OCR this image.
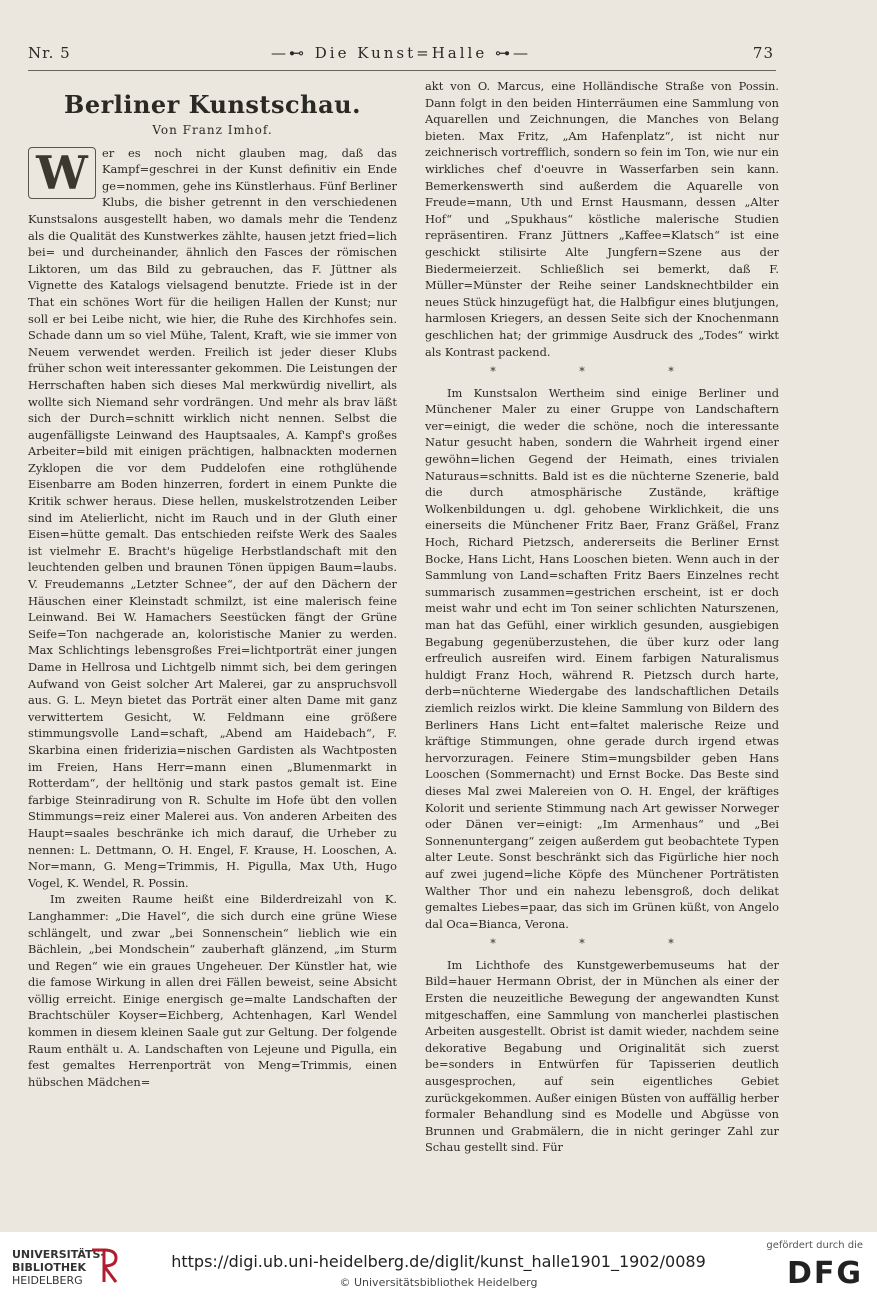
Nr. 5	—⊷ Die Kunst=Halle ⊶—	73
Berliner Kunstschau.
Von Franz Imhof.
W	er es noch nicht glauben mag, daß das Kampf=geschrei in der Kunst definitiv ein Ende ge=nommen, gehe ins Künstlerhaus. Fünf Berliner Klubs, die bisher getrennt in den verschiedenen Kunstsalons ausgestellt haben, wo damals mehr die Tendenz als die Qualität des Kunstwerkes zählte, hausen jetzt fried=lich bei= und durcheinander, ähnlich den Fasces der römischen Liktoren, um das Bild zu gebrauchen, das F. Jüttner als Vignette des Katalogs vielsagend benutzte. Friede ist in der That ein schönes Wort für die heiligen Hallen der Kunst; nur soll er bei Leibe nicht, wie hier, die Ruhe des Kirchhofes sein. Schade dann um so viel Mühe, Talent, Kraft, wie sie immer von Neuem verwendet werden. Freilich ist jeder dieser Klubs früher schon weit interessanter gekommen. Die Leistungen der Herrschaften haben sich dieses Mal merkwürdig nivellirt, als wollte sich Niemand sehr vordrängen. Und mehr als brav läßt sich der Durch=schnitt wirklich nicht nennen. Selbst die augenfälligste Leinwand des Hauptsaales, A. Kampf's großes Arbeiter=bild mit einigen prächtigen, halbnackten modernen Zyklopen die vor dem Puddelofen eine rothglühende Eisenbarre am Boden hinzerren, fordert in einem Punkte die Kritik schwer heraus. Diese hellen, muskelstrotzenden Leiber sind im Atelierlicht, nicht im Rauch und in der Gluth einer Eisen=hütte gemalt. Das entschieden reifste Werk des Saales ist vielmehr E. Bracht's hügelige Herbstlandschaft mit den leuchtenden gelben und braunen Tönen üppigen Baum=laubs. V. Freudemanns „Letzter Schnee“, der auf den Dächern der Häuschen einer Kleinstadt schmilzt, ist eine malerisch feine Leinwand. Bei W. Hamachers Seestücken fängt der Grüne Seife=Ton nachgerade an, koloristische Manier zu werden. Max Schlichtings lebensgroßes Frei=lichtporträt einer jungen Dame in Hellrosa und Lichtgelb nimmt sich, bei dem geringen Aufwand von Geist solcher Art Malerei, gar zu anspruchsvoll aus. G. L. Meyn bietet das Porträt einer alten Dame mit ganz verwittertem Gesicht, W. Feldmann eine größere stimmungsvolle Land=schaft, „Abend am Haidebach“, F. Skarbina einen friderizia=nischen Gardisten als Wachtposten im Freien, Hans Herr=mann einen „Blumenmarkt in Rotterdam“, der helltönig und stark pastos gemalt ist. Eine farbige Steinradirung von R. Schulte im Hofe übt den vollen Stimmungs=reiz einer Malerei aus. Von anderen Arbeiten des Haupt=saales beschränke ich mich darauf, die Urheber zu nennen: L. Dettmann, O. H. Engel, F. Krause, H. Looschen, A. Nor=mann, G. Meng=Trimmis, H. Pigulla, Max Uth, Hugo Vogel, K. Wendel, R. Possin.

Im zweiten Raume heißt eine Bilderdreizahl von K. Langhammer: „Die Havel“, die sich durch eine grüne Wiese schlängelt, und zwar „bei Sonnenschein“ lieblich wie ein Bächlein, „bei Mondschein“ zauberhaft glänzend, „im Sturm und Regen“ wie ein graues Ungeheuer. Der Künstler hat, wie die famose Wirkung in allen drei Fällen beweist, seine Absicht völlig erreicht. Einige energisch ge=malte Landschaften der Brachtschüler Koyser=Eichberg, Achtenhagen, Karl Wendel kommen in diesem kleinen Saale gut zur Geltung. Der folgende Raum enthält u. A. Landschaften von Lejeune und Pigulla, ein fest gemaltes Herrenporträt von Meng=Trimmis, einen hübschen Mädchen=

akt von O. Marcus, eine Holländische Straße von Possin. Dann folgt in den beiden Hinterräumen eine Sammlung von Aquarellen und Zeichnungen, die Manches von Belang bieten. Max Fritz, „Am Hafenplatz“, ist nicht nur zeichnerisch vortrefflich, sondern so fein im Ton, wie nur ein wirkliches chef d'oeuvre in Wasserfarben sein kann. Bemerkenswerth sind außerdem die Aquarelle von Freude=mann, Uth und Ernst Hausmann, dessen „Alter Hof“ und „Spukhaus“ köstliche malerische Studien repräsentiren. Franz Jüttners „Kaffee=Klatsch“ ist eine geschickt stilisirte Alte Jungfern=Szene aus der Biedermeierzeit. Schließlich sei bemerkt, daß F. Müller=Münster der Reihe seiner Landsknechtbilder ein neues Stück hinzugefügt hat, die Halbfigur eines blutjungen, harmlosen Kriegers, an dessen Seite sich der Knochenmann geschlichen hat; der grimmige Ausdruck des „Todes“ wirkt als Kontrast packend.

* * *

Im Kunstsalon Wertheim sind einige Berliner und Münchener Maler zu einer Gruppe von Landschaftern ver=einigt, die weder die schöne, noch die interessante Natur gesucht haben, sondern die Wahrheit irgend einer gewöhn=lichen Gegend der Heimath, eines trivialen Naturaus=schnitts. Bald ist es die nüchterne Szenerie, bald die durch atmosphärische Zustände, kräftige Wolkenbildungen u. dgl. gehobene Wirklichkeit, die uns einerseits die Münchener Fritz Baer, Franz Gräßel, Franz Hoch, Richard Pietzsch, andererseits die Berliner Ernst Bocke, Hans Licht, Hans Looschen bieten. Wenn auch in der Sammlung von Land=schaften Fritz Baers Einzelnes recht summarisch zusammen=gestrichen erscheint, ist er doch meist wahr und echt im Ton seiner schlichten Naturszenen, man hat das Gefühl, einer wirklich gesunden, ausgiebigen Begabung gegenüberzustehen, die über kurz oder lang erfreulich ausreifen wird. Einem farbigen Naturalismus huldigt Franz Hoch, während R. Pietzsch durch harte, derb=nüchterne Wiedergabe des landschaftlichen Details ziemlich reizlos wirkt. Die kleine Sammlung von Bildern des Berliners Hans Licht ent=faltet malerische Reize und kräftige Stimmungen, ohne gerade durch irgend etwas hervorzuragen. Feinere Stim=mungsbilder geben Hans Looschen (Sommernacht) und Ernst Bocke. Das Beste sind dieses Mal zwei Malereien von O. H. Engel, der kräftiges Kolorit und seriente Stimmung nach Art gewisser Norweger oder Dänen ver=einigt: „Im Armenhaus“ und „Bei Sonnenuntergang“ zeigen außerdem gut beobachtete Typen alter Leute. Sonst beschränkt sich das Figürliche hier noch auf zwei jugend=liche Köpfe des Münchener Porträtisten Walther Thor und ein nahezu lebensgroß, doch delikat gemaltes Liebes=paar, das sich im Grünen küßt, von Angelo dal Oca=Bianca, Verona.

* * *

Im Lichthofe des Kunstgewerbemuseums hat der Bild=hauer Hermann Obrist, der in München als einer der Ersten die neuzeitliche Bewegung der angewandten Kunst mitgeschaffen, eine Sammlung von mancherlei plastischen Arbeiten ausgestellt. Obrist ist damit wieder, nachdem seine dekorative Begabung und Originalität sich zuerst be=sonders in Entwürfen für Tapisserien deutlich ausgesprochen, auf sein eigentliches Gebiet zurückgekommen. Außer einigen Büsten von auffällig herber formaler Behandlung sind es Modelle und Abgüsse von Brunnen und Grabmälern, die in nicht geringer Zahl zur Schau gestellt sind. Für

UNIVERSITÄTS-
BIBLIOTHEK
HEIDELBERG
https://digi.ub.uni-heidelberg.de/diglit/kunst_halle1901_1902/0089
© Universitätsbibliothek Heidelberg
gefördert durch die
DFG
